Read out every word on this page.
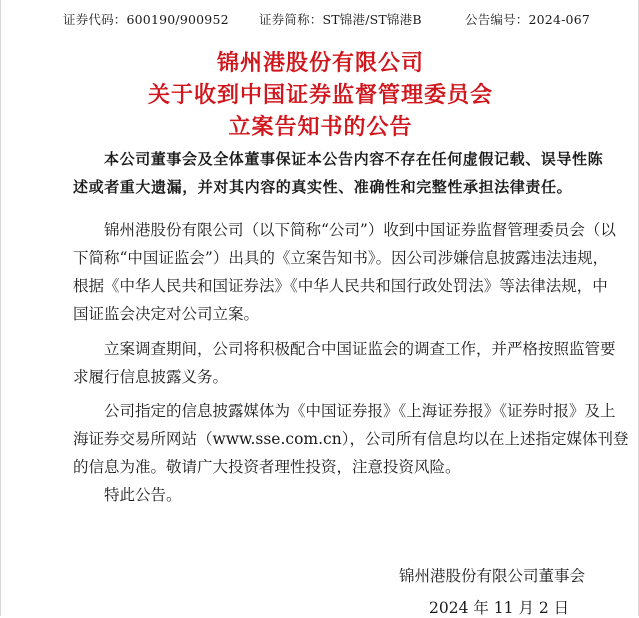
证券代码：600190/900952 证券简称：ST锦港/ST锦港B	公告编号：2024-067
锦州港股份有限公司
关于收到中国证券监督管理委员会
立案告知书的公告
本公司董事会及全体董事保证本公告内容不存在任何虚假记载、误导性陈
述或者重大遗漏，并对其内容的真实性、准确性和完整性承担法律责任。
锦州港股份有限公司（以下简称“公司”）收到中国证券监督管理委员会（以
下简称“中国证监会”）出具的《立案告知书》。因公司涉嫌信息披露违法违规，
根据《中华人民共和国证券法》《中华人民共和国行政处罚法》等法律法规，中
国证监会决定对公司立案。
立案调查期间，公司将积极配合中国证监会的调查工作，并严格按照监管要
求履行信息披露义务。
公司指定的信息披露媒体为《中国证券报》《上海证券报》《证券时报》及上
海证券交易所网站（www.sse.com.cn），公司所有信息均以在上述指定媒体刊登
的信息为准。敬请广大投资者理性投资，注意投资风险。
特此公告。
锦州港股份有限公司董事会
2024 年 11 月 2 日
